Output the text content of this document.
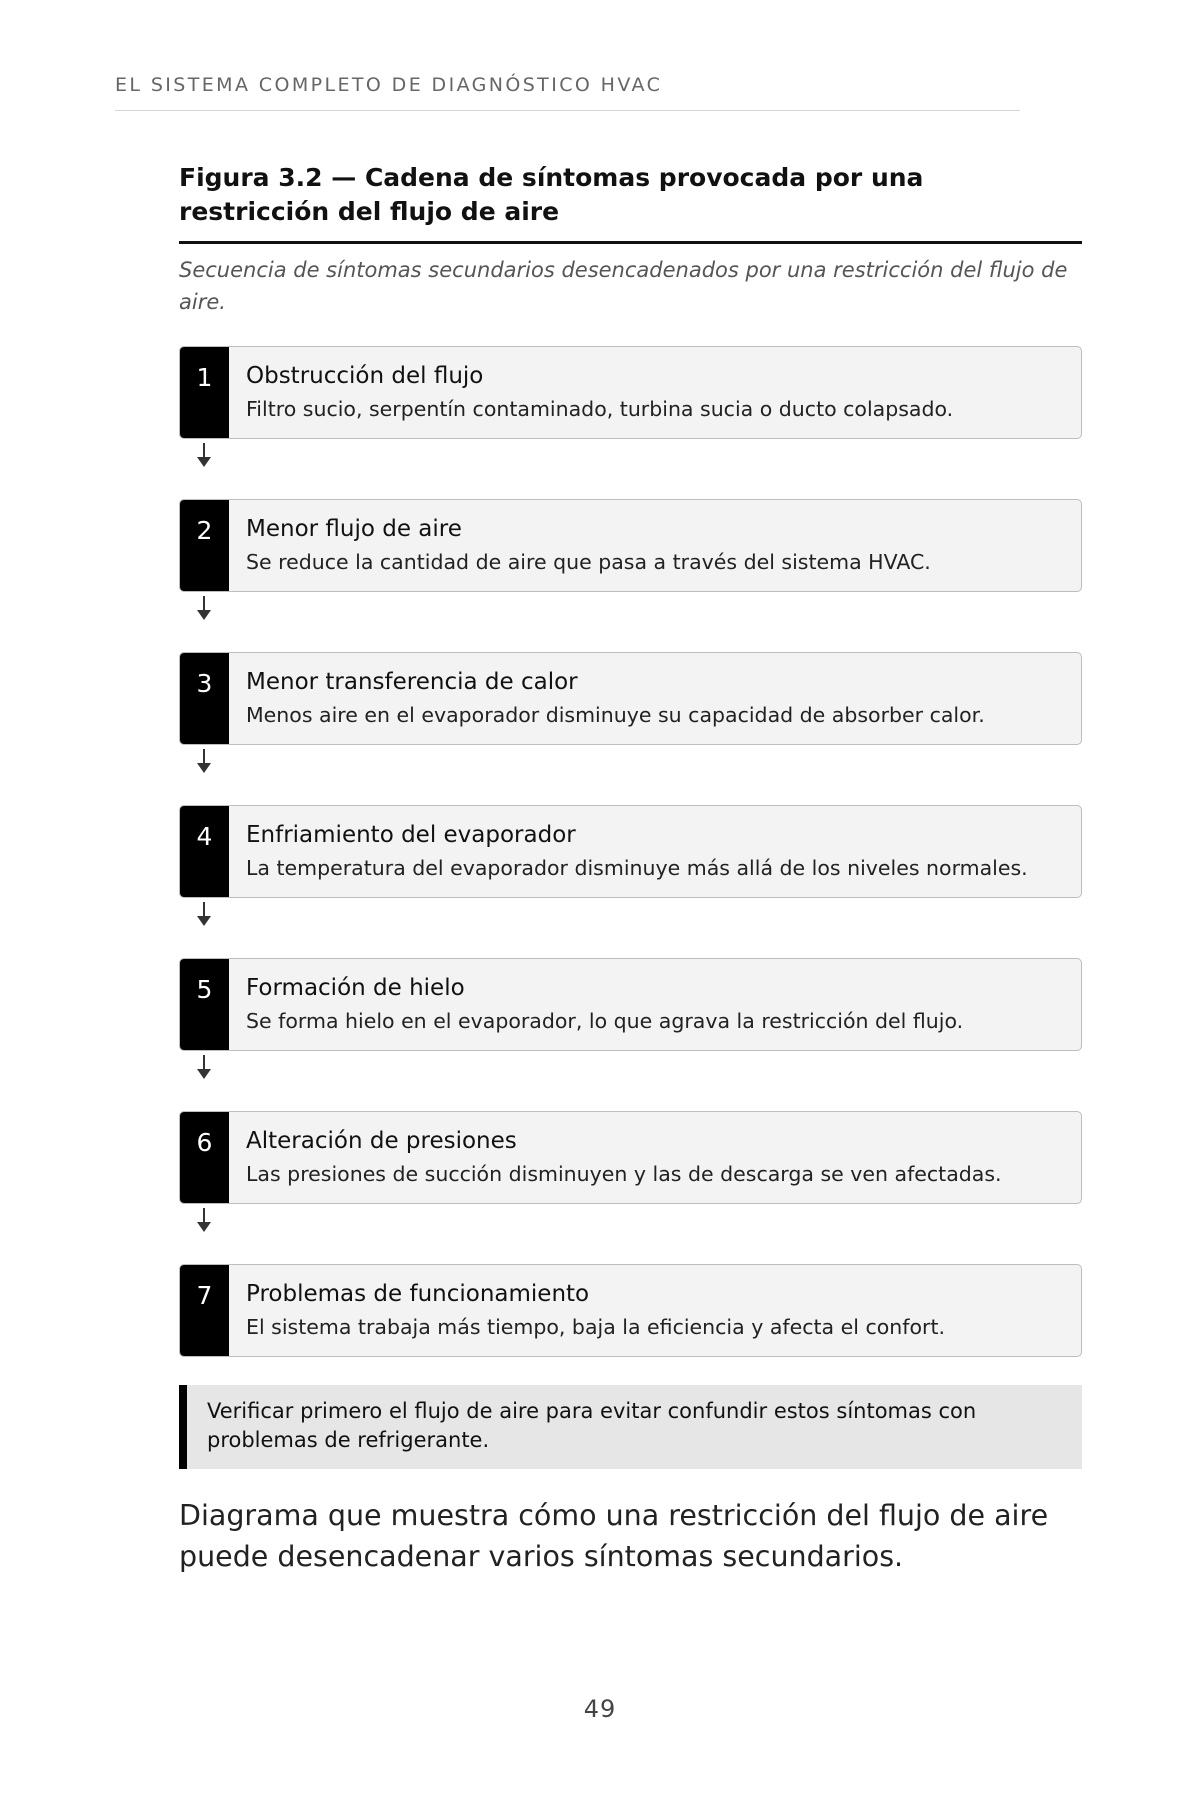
EL SISTEMA COMPLETO DE DIAGNÓSTICO HVAC
Figura 3.2 — Cadena de síntomas provocada por una restricción del flujo de aire

Secuencia de síntomas secundarios desencadenados por una restricción del flujo de aire.

1	Obstrucción del flujo
Filtro sucio, serpentín contaminado, turbina sucia o ducto colapsado.
2	Menor flujo de aire
Se reduce la cantidad de aire que pasa a través del sistema HVAC.
3	Menor transferencia de calor
Menos aire en el evaporador disminuye su capacidad de absorber calor.
4	Enfriamiento del evaporador
La temperatura del evaporador disminuye más allá de los niveles normales.
5	Formación de hielo
Se forma hielo en el evaporador, lo que agrava la restricción del flujo.
6	Alteración de presiones
Las presiones de succión disminuyen y las de descarga se ven afectadas.
7	Problemas de funcionamiento
El sistema trabaja más tiempo, baja la eficiencia y afecta el confort.
Verificar primero el flujo de aire para evitar confundir estos síntomas con problemas de refrigerante.
Diagrama que muestra cómo una restricción del flujo de aire puede desencadenar varios síntomas secundarios.
49
